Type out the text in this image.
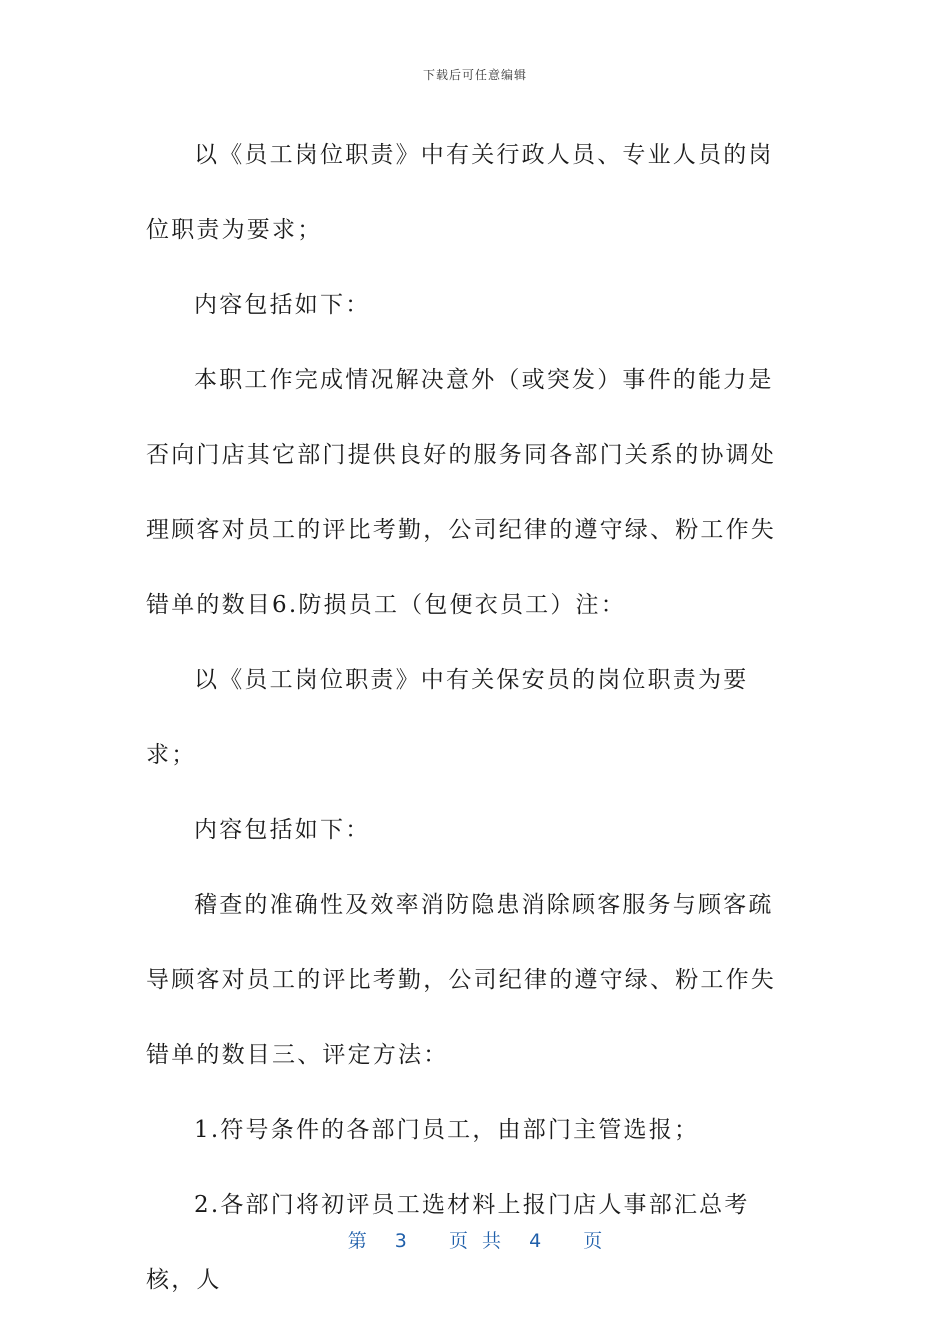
下载后可任意编辑

以《员工岗位职责》中有关行政人员、专业人员的岗位职责为要求；

内容包括如下：

本职工作完成情况解决意外（或突发）事件的能力是否向门店其它部门提供良好的服务同各部门关系的协调处理顾客对员工的评比考勤，公司纪律的遵守绿、粉工作失错单的数目6.防损员工（包便衣员工）注：

以《员工岗位职责》中有关保安员的岗位职责为要求；

内容包括如下：

稽查的准确性及效率消防隐患消除顾客服务与顾客疏导顾客对员工的评比考勤，公司纪律的遵守绿、粉工作失错单的数目三、评定方法：

1.符号条件的各部门员工，由部门主管选报；

2.各部门将初评员工选材料上报门店人事部汇总考核，人

第  3   页 共  4   页
